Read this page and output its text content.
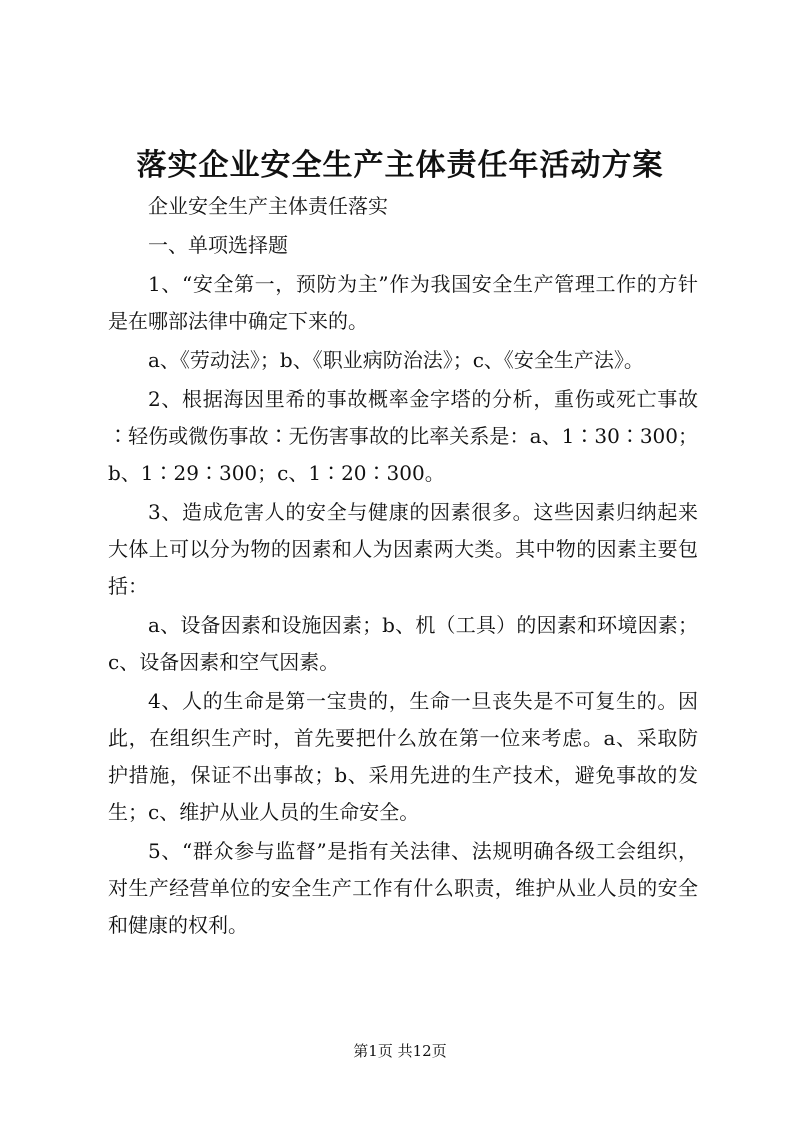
落实企业安全生产主体责任年活动方案

企业安全生产主体责任落实

一、单项选择题

1、“安全第一，预防为主”作为我国安全生产管理工作的方针是在哪部法律中确定下来的。

a、《劳动法》；b、《职业病防治法》；c、《安全生产法》。

2、根据海因里希的事故概率金字塔的分析，重伤或死亡事故∶轻伤或微伤事故∶无伤害事故的比率关系是：a、1∶30∶300；b、1∶29∶300；c、1∶20∶300。

3、造成危害人的安全与健康的因素很多。这些因素归纳起来大体上可以分为物的因素和人为因素两大类。其中物的因素主要包括：

a、设备因素和设施因素；b、机（工具）的因素和环境因素；c、设备因素和空气因素。

4、人的生命是第一宝贵的，生命一旦丧失是不可复生的。因此，在组织生产时，首先要把什么放在第一位来考虑。a、采取防护措施，保证不出事故；b、采用先进的生产技术，避免事故的发生；c、维护从业人员的生命安全。

5、“群众参与监督”是指有关法律、法规明确各级工会组织，对生产经营单位的安全生产工作有什么职责，维护从业人员的安全和健康的权利。

第1页 共12页
